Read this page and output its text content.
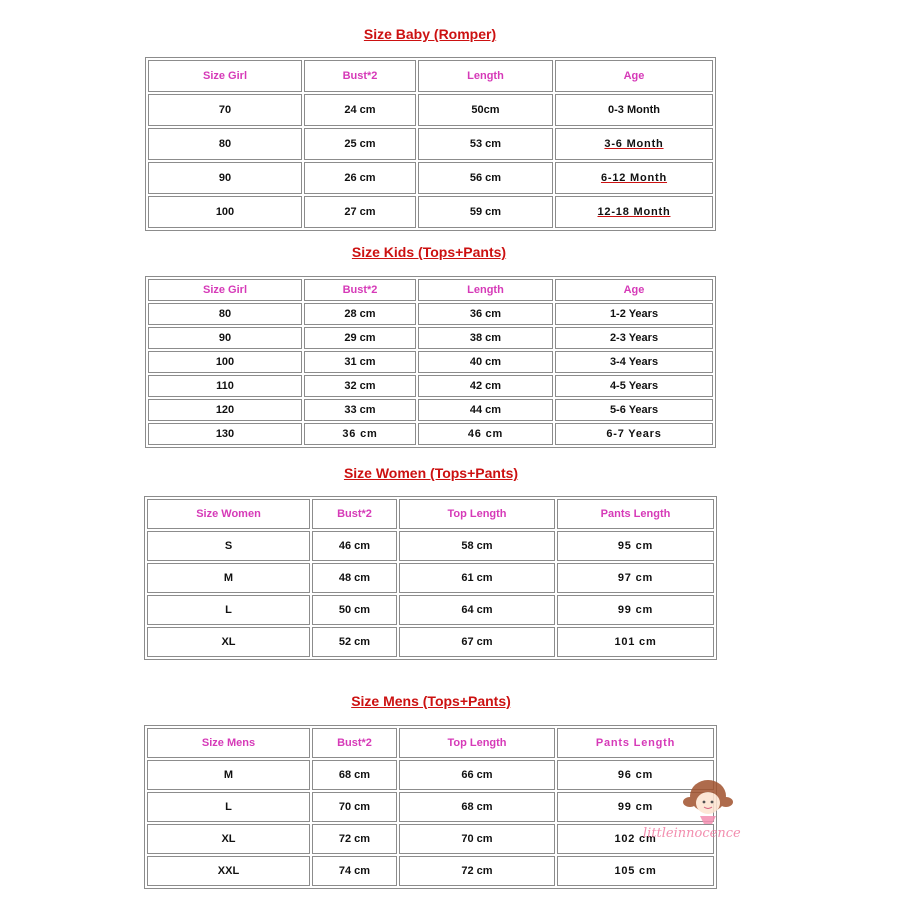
Size Baby (Romper)
Size Girl	Bust*2	Length	Age
70	24 cm	50cm	0-3 Month
80	25 cm	53 cm	3-6 Month
90	26 cm	56 cm	6-12 Month
100	27 cm	59 cm	12-18 Month
Size Kids (Tops+Pants)
Size Girl	Bust*2	Length	Age
80	28 cm	36 cm	1-2 Years
90	29 cm	38 cm	2-3 Years
100	31 cm	40 cm	3-4 Years
110	32 cm	42 cm	4-5 Years
120	33 cm	44 cm	5-6 Years
130	36 cm	46 cm	6-7 Years
Size Women (Tops+Pants)
Size Women	Bust*2	Top Length	Pants Length
S	46 cm	58 cm	95 cm
M	48 cm	61 cm	97 cm
L	50 cm	64 cm	99 cm
XL	52 cm	67 cm	101 cm
Size Mens (Tops+Pants)
Size Mens	Bust*2	Top Length	Pants Length
M	68 cm	66 cm	96 cm
L	70 cm	68 cm	99 cm
XL	72 cm	70 cm	102 cm
XXL	74 cm	72 cm	105 cm
littleinnocence
